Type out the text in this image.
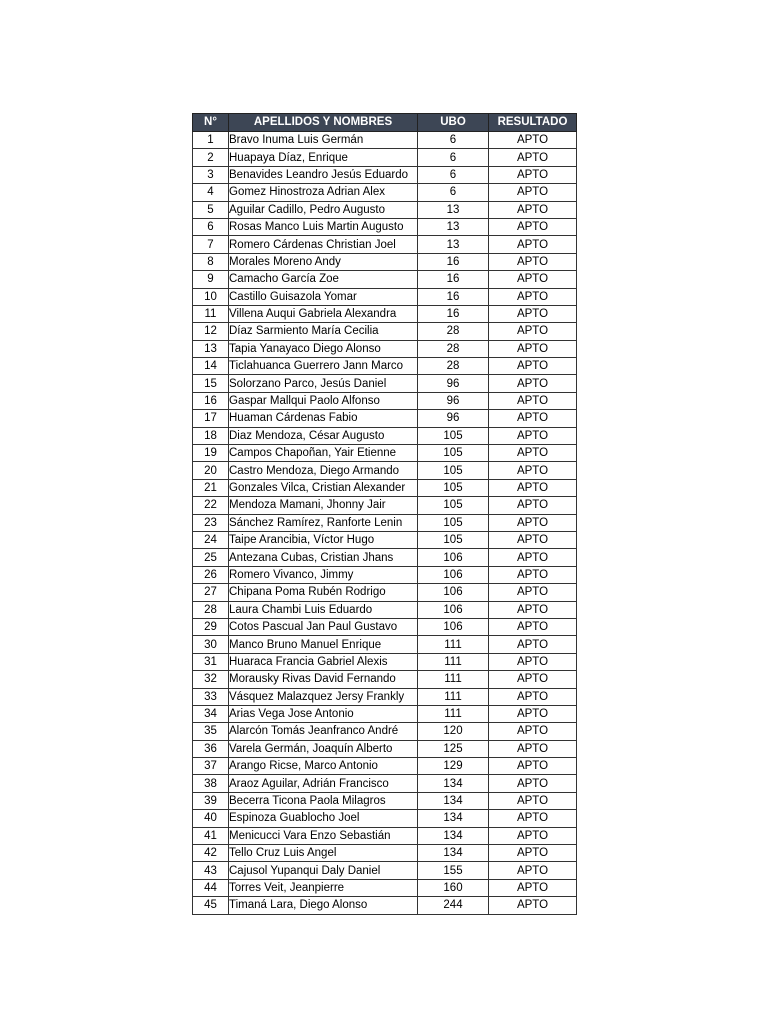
N°	APELLIDOS Y NOMBRES	UBO	RESULTADO
1	Bravo Inuma Luis Germán	6	APTO
2	Huapaya Díaz, Enrique	6	APTO
3	Benavides Leandro Jesús Eduardo	6	APTO
4	Gomez Hinostroza Adrian Alex	6	APTO
5	Aguilar Cadillo, Pedro Augusto	13	APTO
6	Rosas Manco Luis Martin Augusto	13	APTO
7	Romero Cárdenas Christian Joel	13	APTO
8	Morales Moreno Andy	16	APTO
9	Camacho García Zoe	16	APTO
10	Castillo Guisazola Yomar	16	APTO
11	Villena Auqui Gabriela Alexandra	16	APTO
12	Díaz Sarmiento María Cecilia	28	APTO
13	Tapia Yanayaco Diego Alonso	28	APTO
14	Ticlahuanca Guerrero Jann Marco	28	APTO
15	Solorzano Parco, Jesús Daniel	96	APTO
16	Gaspar Mallqui Paolo Alfonso	96	APTO
17	Huaman Cárdenas Fabio	96	APTO
18	Diaz Mendoza, César Augusto	105	APTO
19	Campos Chapoñan, Yair Etienne	105	APTO
20	Castro Mendoza, Diego Armando	105	APTO
21	Gonzales Vilca, Cristian Alexander	105	APTO
22	Mendoza Mamani, Jhonny Jair	105	APTO
23	Sánchez Ramírez, Ranforte Lenin	105	APTO
24	Taipe Arancibia, Víctor Hugo	105	APTO
25	Antezana Cubas, Cristian Jhans	106	APTO
26	Romero Vivanco, Jimmy	106	APTO
27	Chipana Poma Rubén Rodrigo	106	APTO
28	Laura Chambi Luis Eduardo	106	APTO
29	Cotos Pascual Jan Paul Gustavo	106	APTO
30	Manco Bruno Manuel Enrique	111	APTO
31	Huaraca Francia Gabriel Alexis	111	APTO
32	Morausky Rivas David Fernando	111	APTO
33	Vásquez Malazquez Jersy Frankly	111	APTO
34	Arias Vega Jose Antonio	111	APTO
35	Alarcón Tomás Jeanfranco André	120	APTO
36	Varela Germán, Joaquín Alberto	125	APTO
37	Arango Ricse, Marco Antonio	129	APTO
38	Araoz Aguilar, Adrián Francisco	134	APTO
39	Becerra Ticona Paola Milagros	134	APTO
40	Espinoza Guablocho Joel	134	APTO
41	Menicucci Vara Enzo Sebastián	134	APTO
42	Tello Cruz Luis Angel	134	APTO
43	Cajusol Yupanqui Daly Daniel	155	APTO
44	Torres Veit, Jeanpierre	160	APTO
45	Timaná Lara, Diego Alonso	244	APTO
